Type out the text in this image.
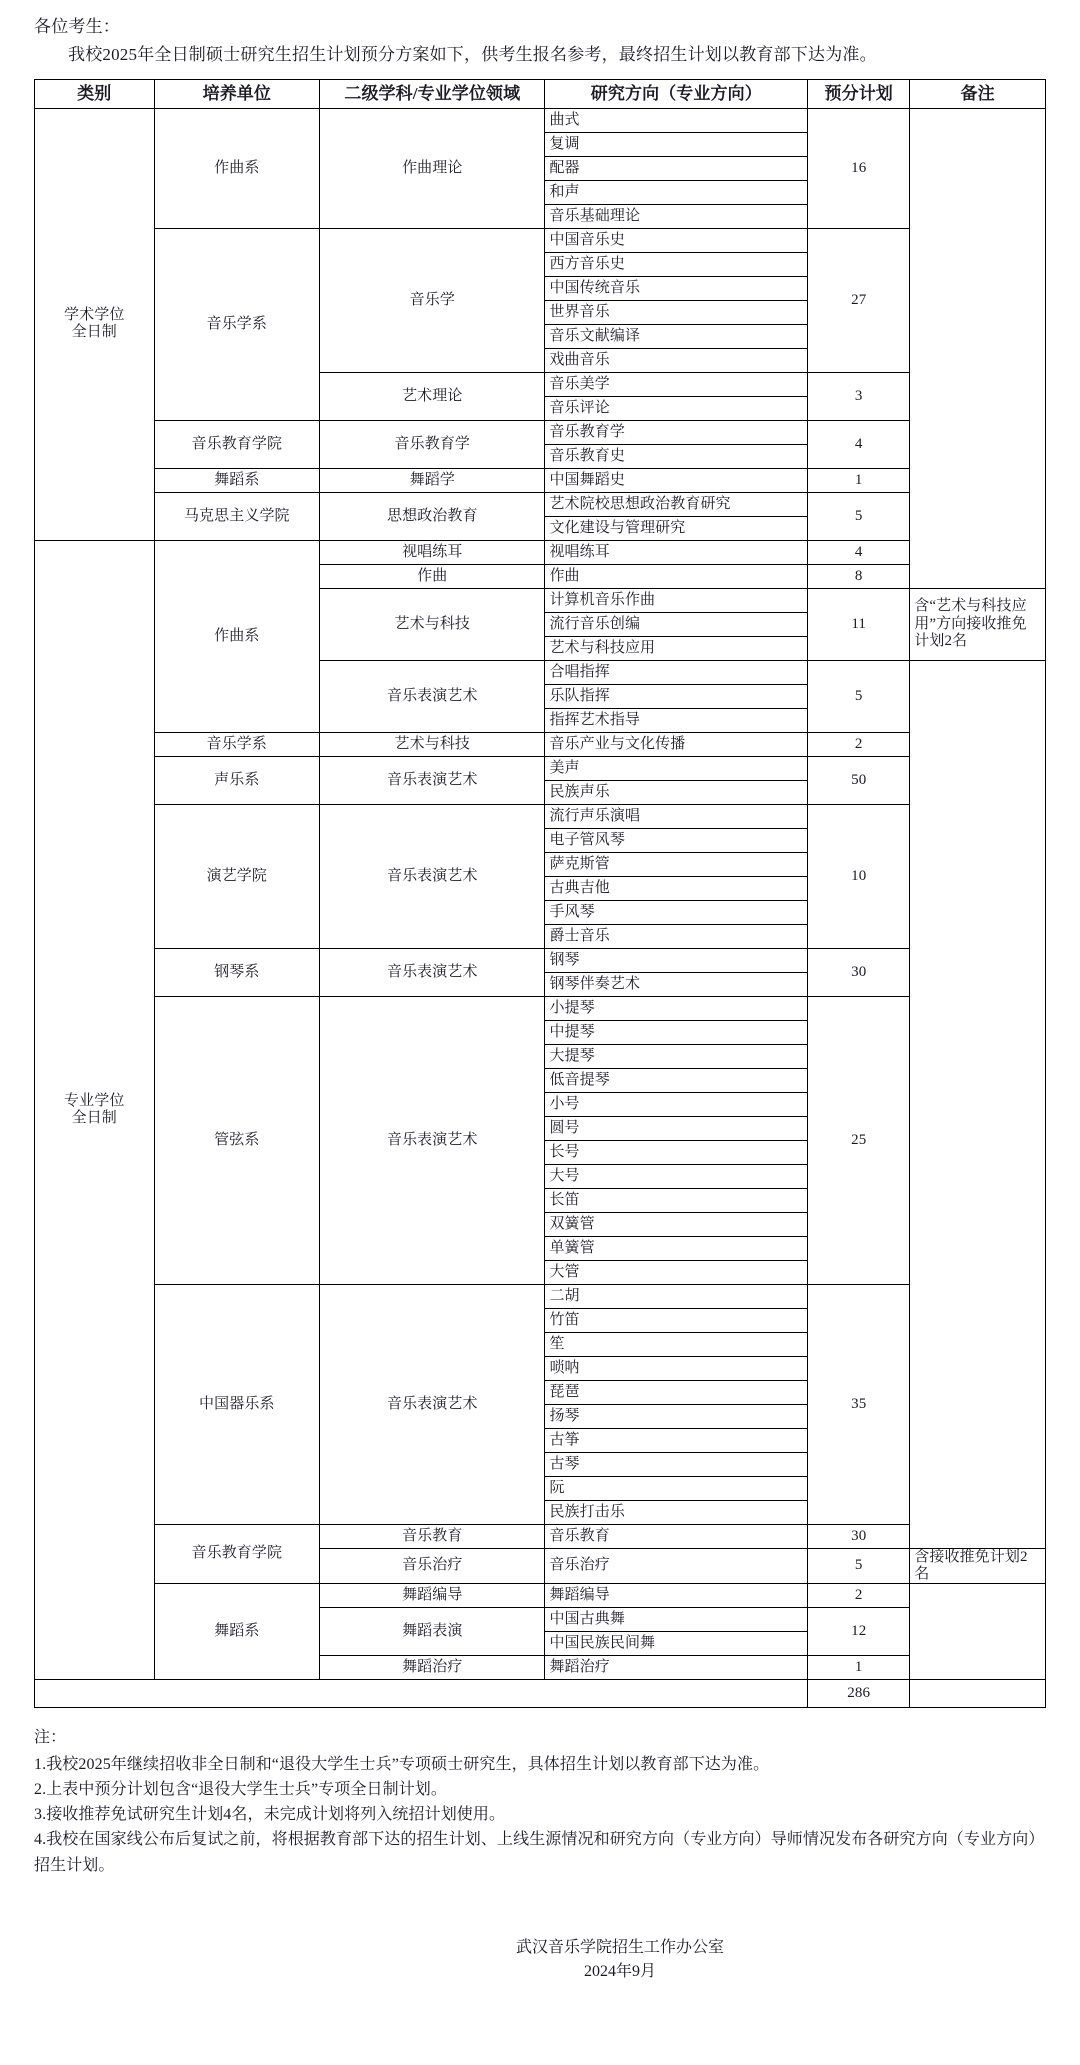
各位考生：
我校2025年全日制硕士研究生招生计划预分方案如下，供考生报名参考，最终招生计划以教育部下达为准。
类别	培养单位	二级学科/专业学位领域	研究方向（专业方向）	预分计划	备注
学术学位
全日制	作曲系	作曲理论	曲式	16	
			复调		
			配器		
			和声		
			音乐基础理论		
	音乐学系	音乐学	中国音乐史	27	
			西方音乐史		
			中国传统音乐		
			世界音乐		
			音乐文献编译		
			戏曲音乐		
		艺术理论	音乐美学	3	
			音乐评论		
	音乐教育学院	音乐教育学	音乐教育学	4	
			音乐教育史		
	舞蹈系	舞蹈学	中国舞蹈史	1	
	马克思主义学院	思想政治教育	艺术院校思想政治教育研究	5	
			文化建设与管理研究		
专业学位
全日制	作曲系	视唱练耳	视唱练耳	4	
		作曲	作曲	8	
		艺术与科技	计算机音乐作曲	11	含“艺术与科技应用”方向接收推免计划2名
			流行音乐创编		
			艺术与科技应用		
		音乐表演艺术	合唱指挥	5	
			乐队指挥		
			指挥艺术指导		
	音乐学系	艺术与科技	音乐产业与文化传播	2	
	声乐系	音乐表演艺术	美声	50	
			民族声乐		
	演艺学院	音乐表演艺术	流行声乐演唱	10	
			电子管风琴		
			萨克斯管		
			古典吉他		
			手风琴		
			爵士音乐		
	钢琴系	音乐表演艺术	钢琴	30	
			钢琴伴奏艺术		
	管弦系	音乐表演艺术	小提琴	25	
			中提琴		
			大提琴		
			低音提琴		
			小号		
			圆号		
			长号		
			大号		
			长笛		
			双簧管		
			单簧管		
			大管		
	中国器乐系	音乐表演艺术	二胡	35	
			竹笛		
			笙		
			唢呐		
			琵琶		
			扬琴		
			古筝		
			古琴		
			阮		
			民族打击乐		
	音乐教育学院	音乐教育	音乐教育	30	
		音乐治疗	音乐治疗	5	含接收推免计划2名
	舞蹈系	舞蹈编导	舞蹈编导	2	
		舞蹈表演	中国古典舞	12	
			中国民族民间舞		
		舞蹈治疗	舞蹈治疗	1	
				286	

注：

1.我校2025年继续招收非全日制和“退役大学生士兵”专项硕士研究生，具体招生计划以教育部下达为准。

2.上表中预分计划包含“退役大学生士兵”专项全日制计划。

3.接收推荐免试研究生计划4名，未完成计划将列入统招计划使用。

4.我校在国家线公布后复试之前，将根据教育部下达的招生计划、上线生源情况和研究方向（专业方向）导师情况发布各研究方向（专业方向）招生计划。

武汉音乐学院招生工作办公室
2024年9月
